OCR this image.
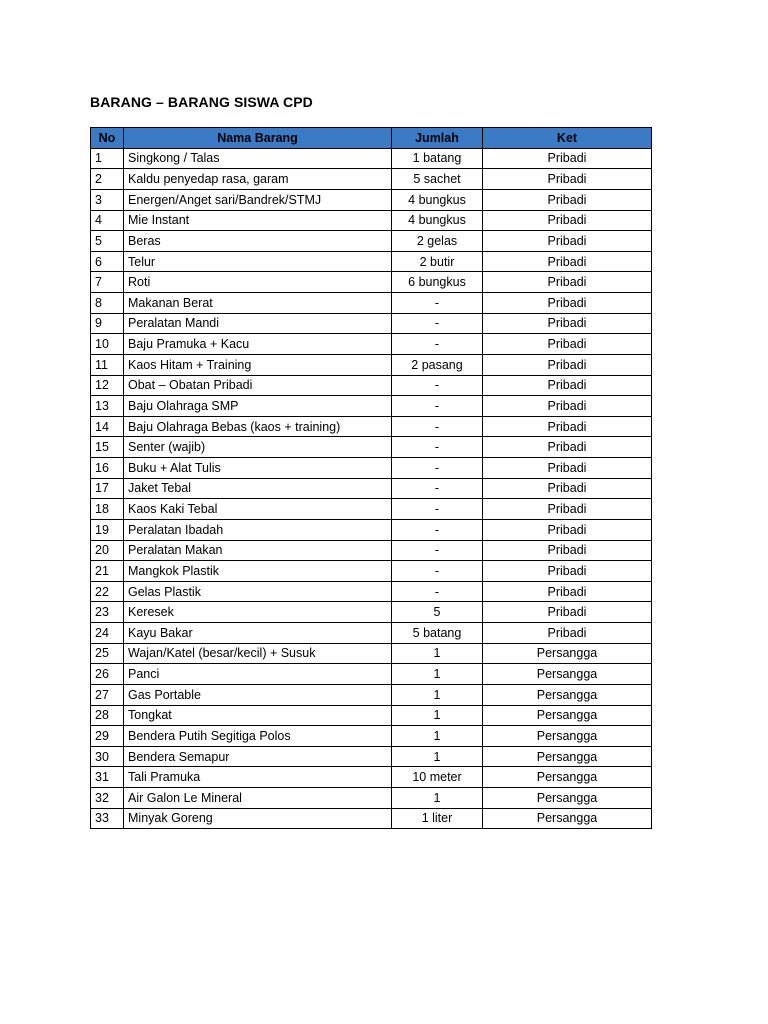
BARANG – BARANG SISWA CPD
No	Nama Barang	Jumlah	Ket
1	Singkong / Talas	1 batang	Pribadi
2	Kaldu penyedap rasa, garam	5 sachet	Pribadi
3	Energen/Anget sari/Bandrek/STMJ	4 bungkus	Pribadi
4	Mie Instant	4 bungkus	Pribadi
5	Beras	2 gelas	Pribadi
6	Telur	2 butir	Pribadi
7	Roti	6 bungkus	Pribadi
8	Makanan Berat	-	Pribadi
9	Peralatan Mandi	-	Pribadi
10	Baju Pramuka + Kacu	-	Pribadi
11	Kaos Hitam + Training	2 pasang	Pribadi
12	Obat – Obatan Pribadi	-	Pribadi
13	Baju Olahraga SMP	-	Pribadi
14	Baju Olahraga Bebas (kaos + training)	-	Pribadi
15	Senter (wajib)	-	Pribadi
16	Buku + Alat Tulis	-	Pribadi
17	Jaket Tebal	-	Pribadi
18	Kaos Kaki Tebal	-	Pribadi
19	Peralatan Ibadah	-	Pribadi
20	Peralatan Makan	-	Pribadi
21	Mangkok Plastik	-	Pribadi
22	Gelas Plastik	-	Pribadi
23	Keresek	5	Pribadi
24	Kayu Bakar	5 batang	Pribadi
25	Wajan/Katel (besar/kecil) + Susuk	1	Persangga
26	Panci	1	Persangga
27	Gas Portable	1	Persangga
28	Tongkat	1	Persangga
29	Bendera Putih Segitiga Polos	1	Persangga
30	Bendera Semapur	1	Persangga
31	Tali Pramuka	10 meter	Persangga
32	Air Galon Le Mineral	1	Persangga
33	Minyak Goreng	1 liter	Persangga
